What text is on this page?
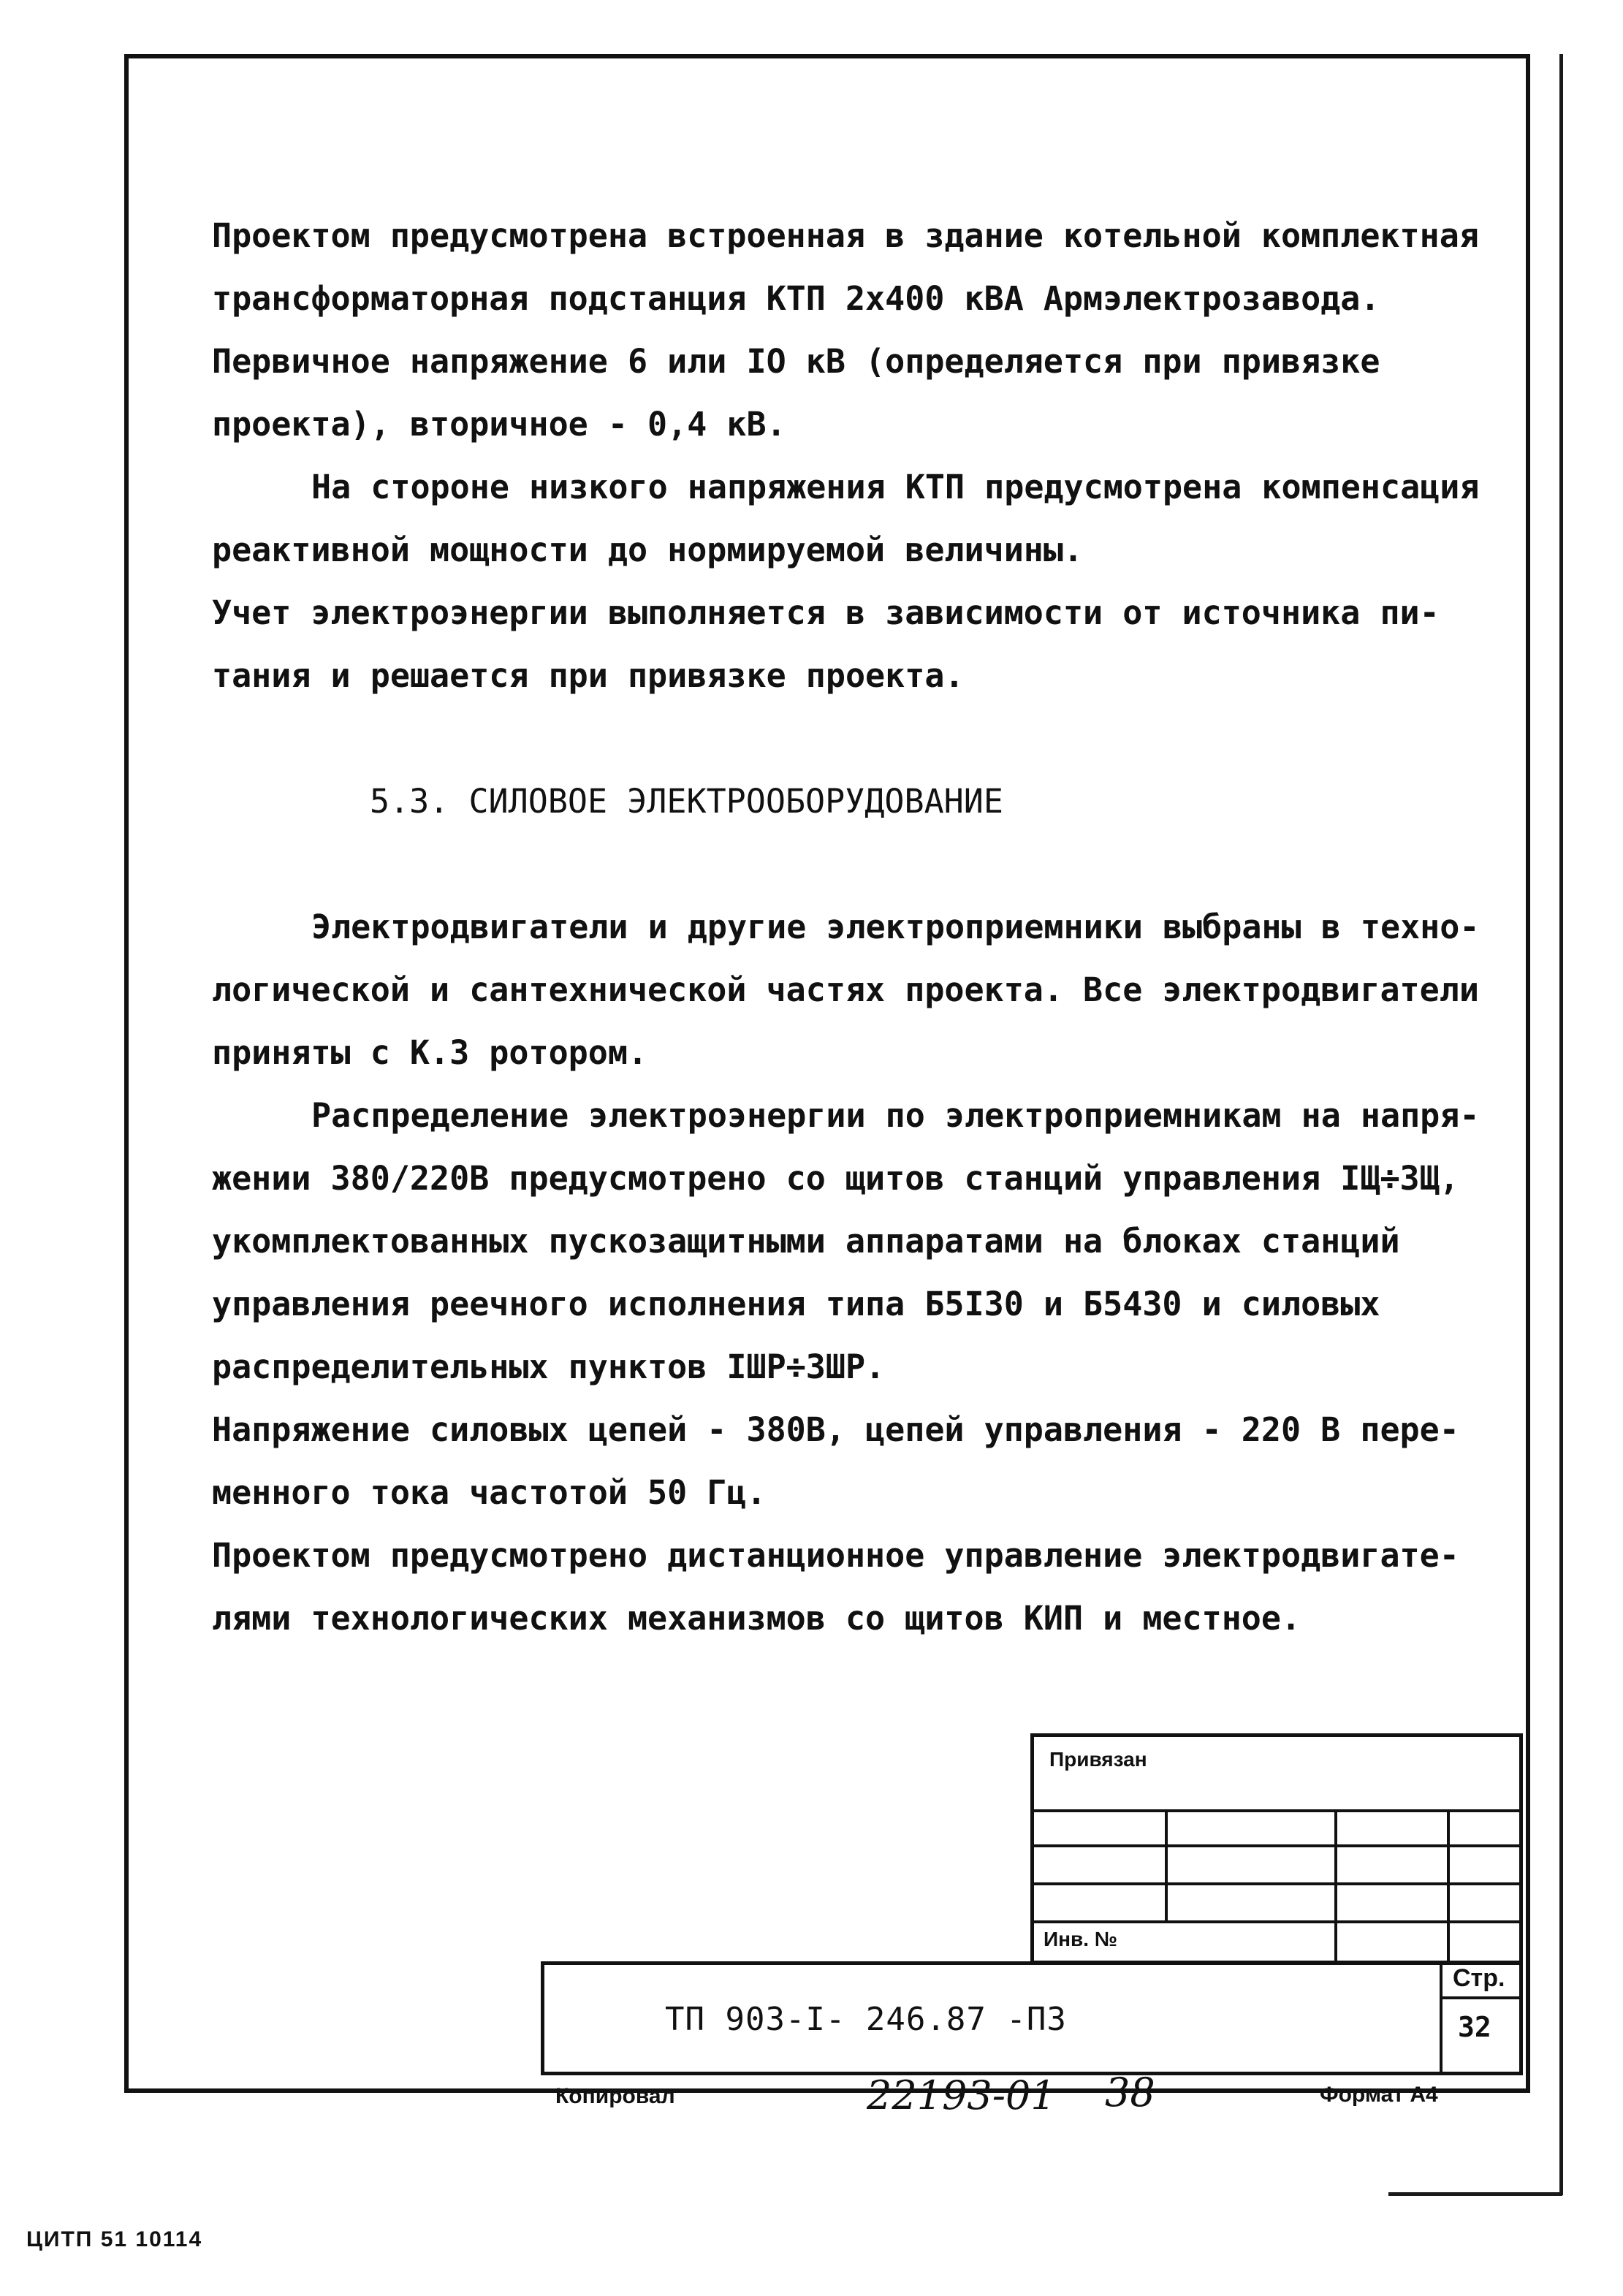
Проектом предусмотрена встроенная в здание котельной комплектная
трансформаторная подстанция КТП 2х400 кВА Армэлектрозавода.
Первичное напряжение 6 или IO кВ (определяется при привязке
проекта), вторичное - 0,4 кВ.

На стороне низкого напряжения КТП предусмотрена компенсация
реактивной мощности до нормируемой величины.

Учет электроэнергии выполняется в зависимости от источника пи-
тания и решается при привязке проекта.

5.3. СИЛОВОЕ ЭЛЕКТРООБОРУДОВАНИЕ

Электродвигатели и другие электроприемники выбраны в техно-
логической и сантехнической частях проекта. Все электродвигатели
приняты с К.З ротором.

Распределение электроэнергии по электроприемникам на напря-
жении 380/220В предусмотрено со щитов станций управления IЩ÷3Щ,
укомплектованных пускозащитными аппаратами на блоках станций
управления реечного исполнения типа Б5I30 и Б5430 и силовых
распределительных пунктов IШР÷3ШР.

Напряжение силовых цепей - 380В, цепей управления - 220 В пере-
менного тока частотой 50 Гц.

Проектом предусмотрено дистанционное управление электродвигате-
лями технологических механизмов со щитов КИП и местное.

Привязан
Инв. №
ТП 903-I- 246.87 -ПЗ
Стр.
32
Копировал	22193-01 38	Формат А4
ЦИТП 51 10114
